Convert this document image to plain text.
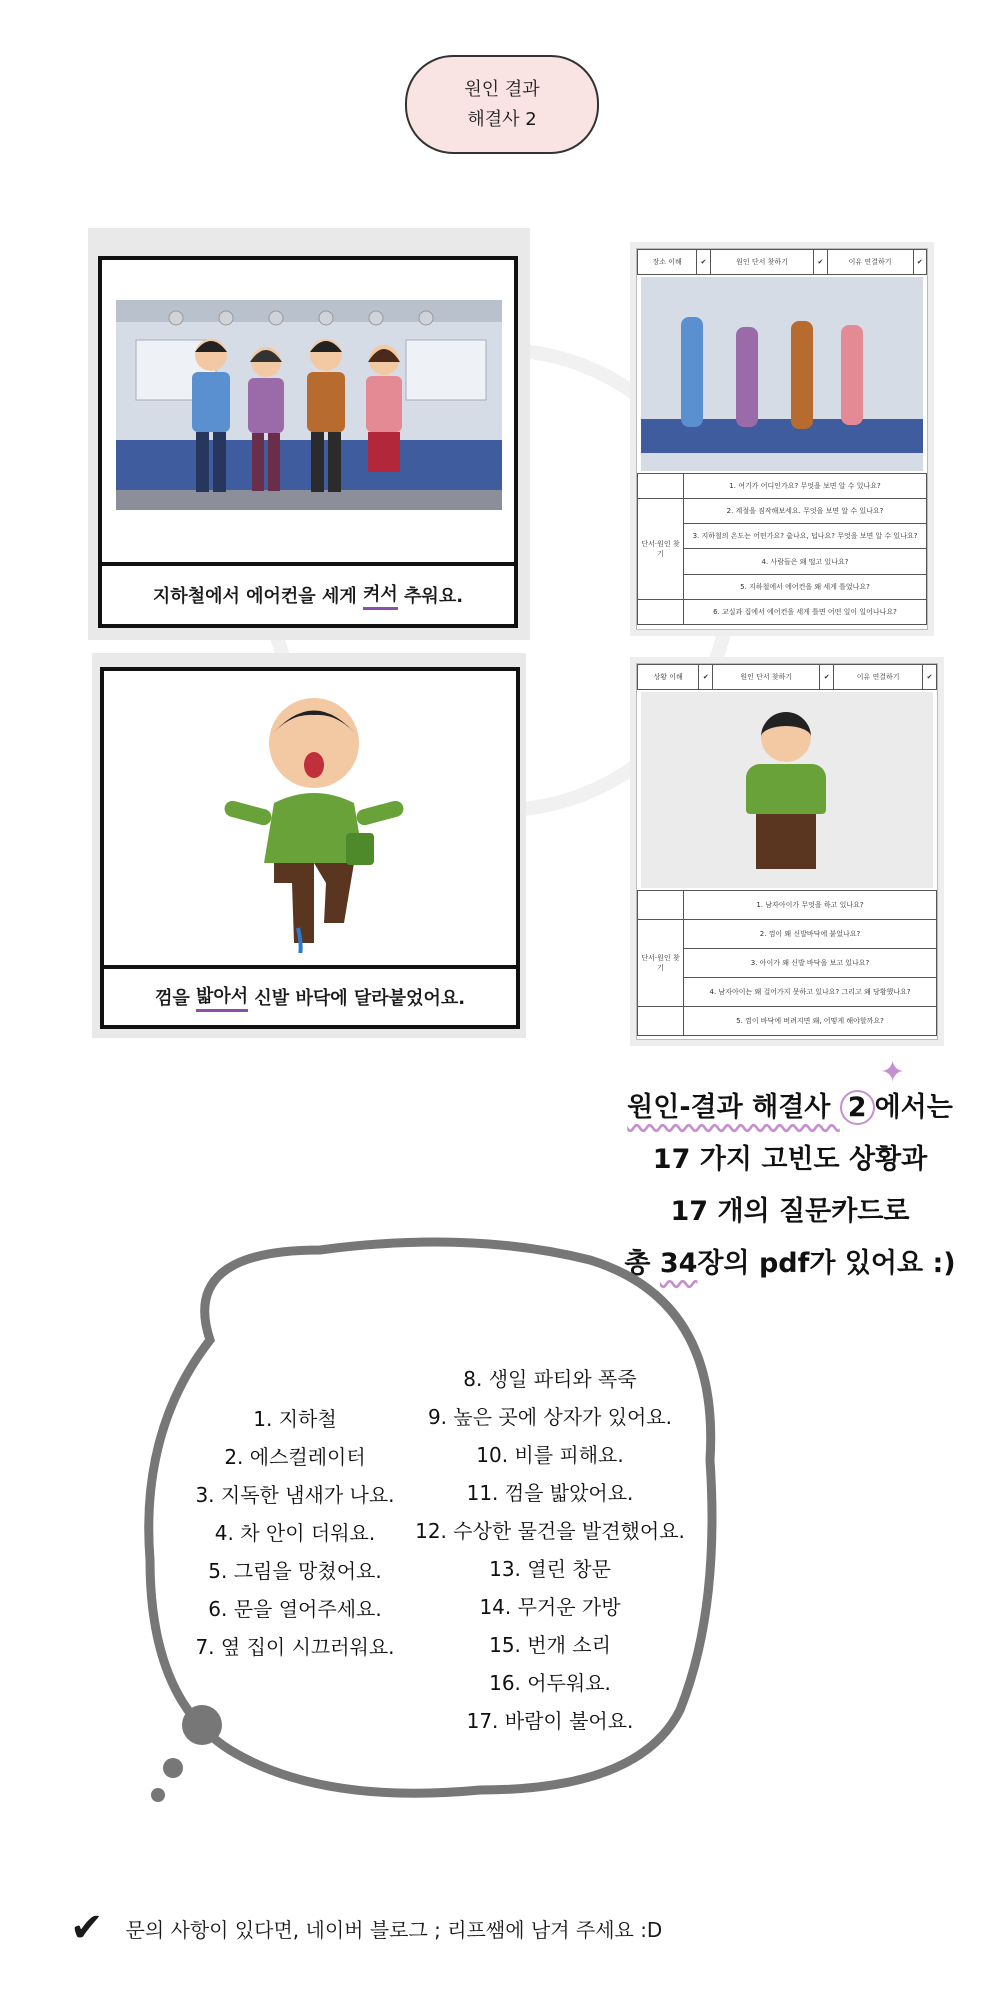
원인 결과
해결사 2
지하철에서 에어컨을 세게 켜서 추워요.
껌을 밟아서 신발 바닥에 달라붙었어요.
장소 이해	✔	원인 단서 찾하기	✔	이유 연결하기	✔
	1. 여기가 어디인가요? 무엇을 보면 알 수 있나요?
단서·원인 찾기	2. 계절을 짐작해보세요. 무엇을 보면 알 수 있나요?
	3. 지하철의 온도는 어떤가요? 춥나요, 덥나요? 무엇을 보면 알 수 있나요?
	4. 사람들은 왜 떨고 있나요?
	5. 지하철에서 에어컨을 왜 세게 틀었나요?
	6. 교실과 집에서 에어컨을 세게 틀면 어떤 일이 일어나나요?
상황 이해	✔	원인 단서 찾하기	✔	이유 연결하기	✔
	1. 남자아이가 무엇을 하고 있나요?
단서·원인 찾기	2. 껌이 왜 신발바닥에 붙었나요?
	3. 아이가 왜 신발 바닥을 보고 있나요?
	4. 남자아이는 왜 걸어가지 못하고 있나요? 그리고 왜 당황했나요?
	5. 껌이 바닥에 버려지면 왜, 어떻게 해야할까요?
✦
원인-결과 해결사 2 에서는
17 가지 고빈도 상황과
17 개의 질문카드로
총 34장의 pdf가 있어요 :)
1. 지하철
2. 에스컬레이터
3. 지독한 냄새가 나요.
4. 차 안이 더워요.
5. 그림을 망쳤어요.
6. 문을 열어주세요.
7. 옆 집이 시끄러워요.
8. 생일 파티와 폭죽
9. 높은 곳에 상자가 있어요.
10. 비를 피해요.
11. 껌을 밟았어요.
12. 수상한 물건을 발견했어요.
13. 열린 창문
14. 무거운 가방
15. 번개 소리
16. 어두워요.
17. 바람이 불어요.
✔ 문의 사항이 있다면, 네이버 블로그 ; 리프쌤에 남겨 주세요 :D
